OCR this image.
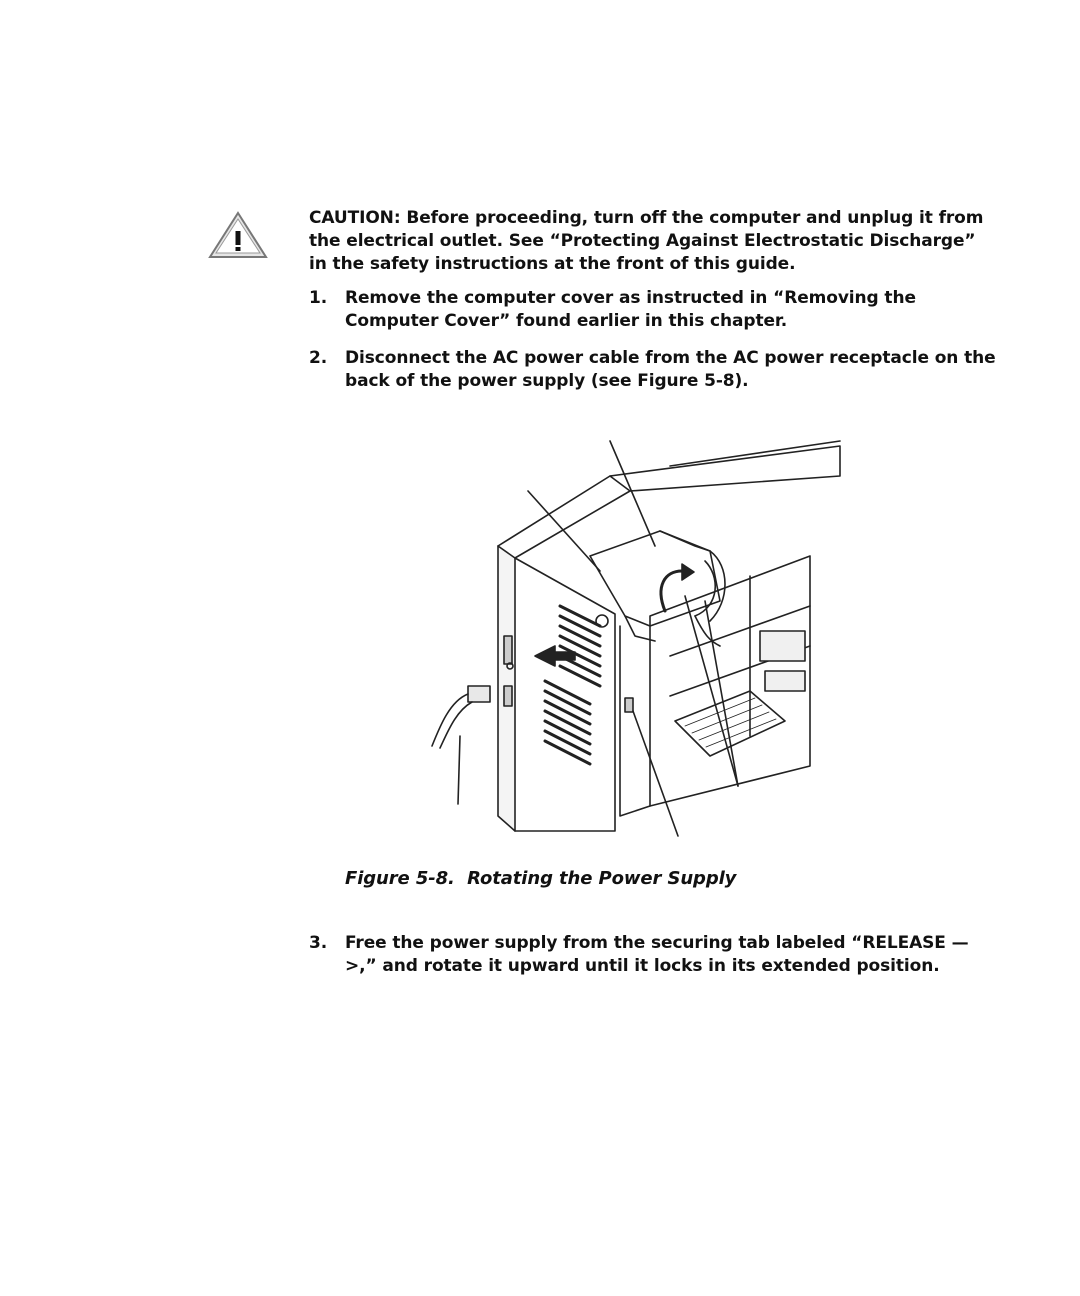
CAUTION: Before proceeding, turn off the computer and unplug it from the electrical outlet. See “Protecting Against Electrostatic Discharge” in the safety instructions at the front of this guide.

1.	Remove the computer cover as instructed in “Removing the Computer Cover” found earlier in this chapter.
2.	Disconnect the AC power cable from the AC power receptacle on the back of the power supply (see Figure 5-8).
Figure 5-8.  Rotating the Power Supply
3.	Free the power supply from the securing tab labeled “RELEASE —>,” and rotate it upward until it locks in its extended position.
